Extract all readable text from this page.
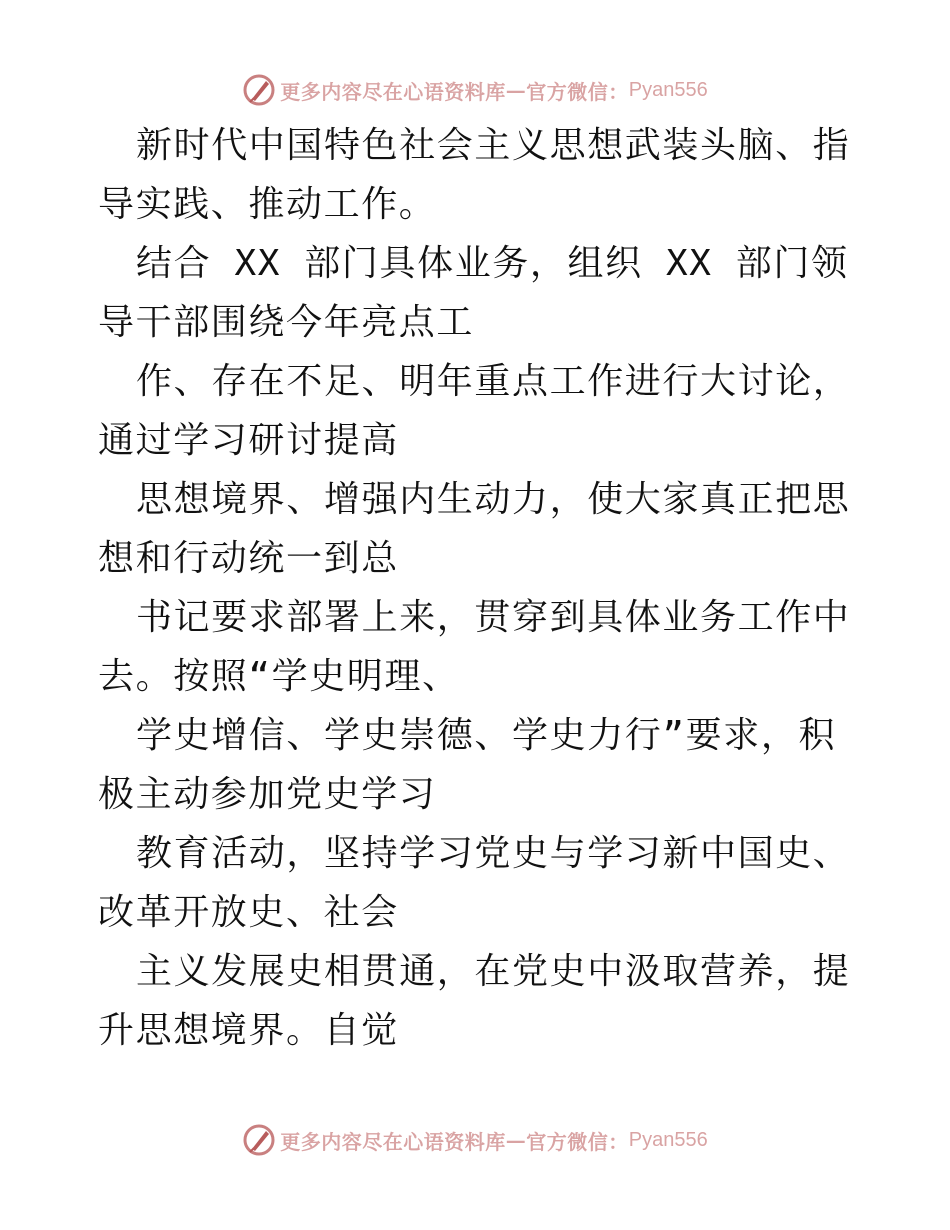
更多内容尽在心语资料库 — 官方微信： Pyan556

新时代中国特色社会主义思想武装头脑、指导实践、推动工作。

结合 XX 部门具体业务，组织 XX 部门领导干部围绕今年亮点工

作、存在不足、明年重点工作进行大讨论，通过学习研讨提高

思想境界、增强内生动力，使大家真正把思想和行动统一到总

书记要求部署上来，贯穿到具体业务工作中去。按照“学史明理、

学史增信、学史崇德、学史力行”要求，积极主动参加党史学习

教育活动，坚持学习党史与学习新中国史、改革开放史、社会

主义发展史相贯通，在党史中汲取营养，提升思想境界。自觉

更多内容尽在心语资料库 — 官方微信： Pyan556
